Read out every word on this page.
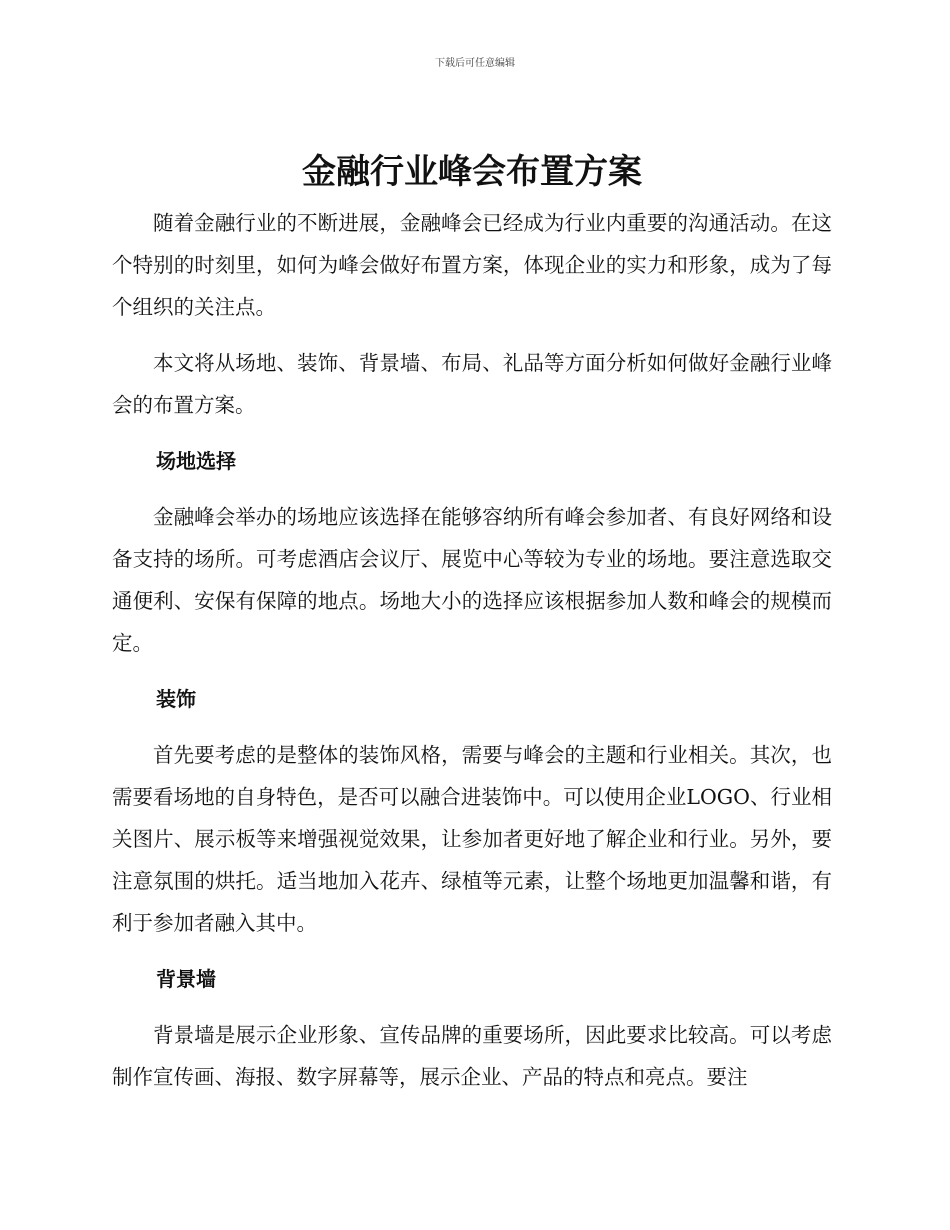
下载后可任意编辑
金融行业峰会布置方案

随着金融行业的不断进展，金融峰会已经成为行业内重要的沟通活动。在这个特别的时刻里，如何为峰会做好布置方案，体现企业的实力和形象，成为了每个组织的关注点。

本文将从场地、装饰、背景墙、布局、礼品等方面分析如何做好金融行业峰会的布置方案。

场地选择

金融峰会举办的场地应该选择在能够容纳所有峰会参加者、有良好网络和设备支持的场所。可考虑酒店会议厅、展览中心等较为专业的场地。要注意选取交通便利、安保有保障的地点。场地大小的选择应该根据参加人数和峰会的规模而定。

装饰

首先要考虑的是整体的装饰风格，需要与峰会的主题和行业相关。其次，也需要看场地的自身特色，是否可以融合进装饰中。可以使用企业LOGO、行业相关图片、展示板等来增强视觉效果，让参加者更好地了解企业和行业。另外，要注意氛围的烘托。适当地加入花卉、绿植等元素，让整个场地更加温馨和谐，有利于参加者融入其中。

背景墙

背景墙是展示企业形象、宣传品牌的重要场所，因此要求比较高。可以考虑制作宣传画、海报、数字屏幕等，展示企业、产品的特点和亮点。要注
